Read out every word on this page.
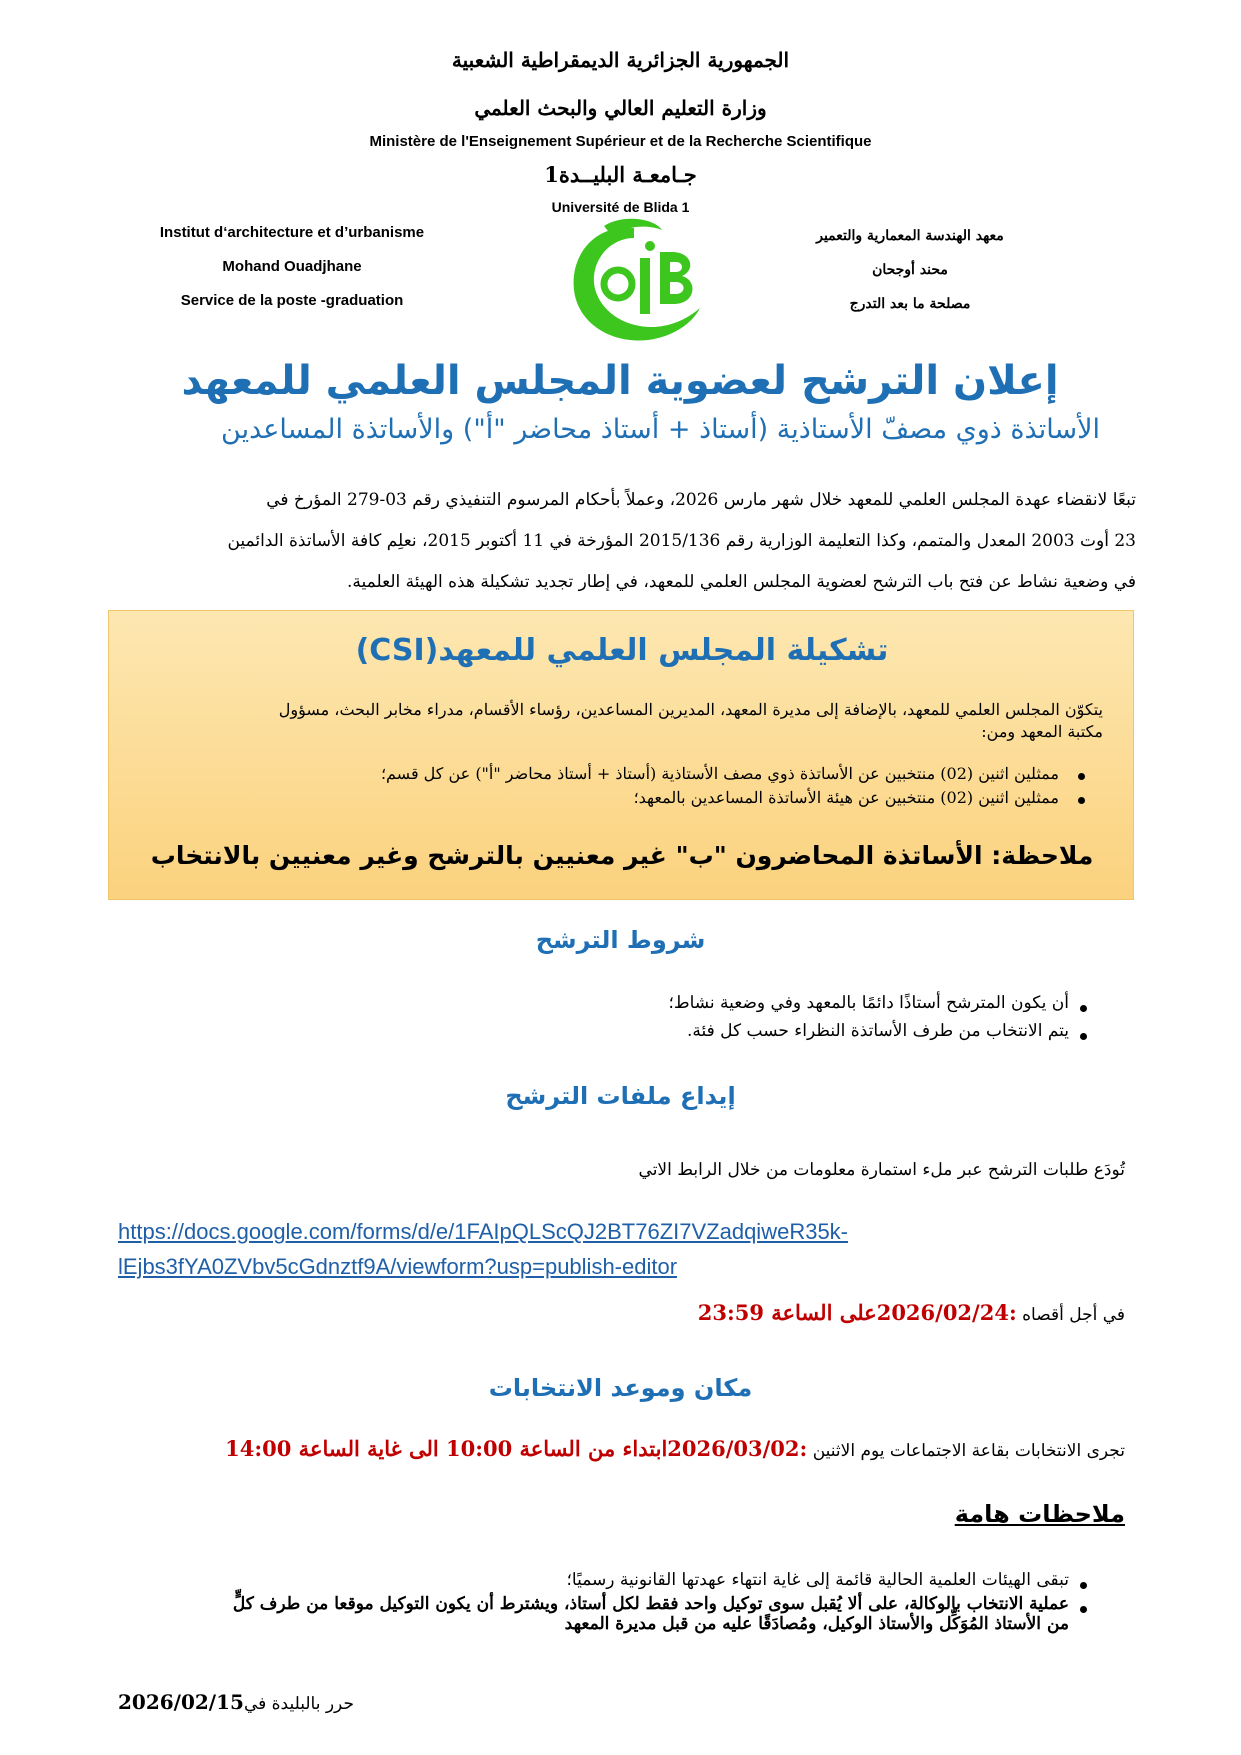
الجمهورية الجزائرية الديمقراطية الشعبية
وزارة التعليم العالي والبحث العلمي
Ministère de l'Enseignement Supérieur et de la Recherche Scientifique
جـامعـة البليــدة1
Université de Blida 1
Institut d‘architecture et d’urbanisme
Mohand Ouadjhane
Service de la poste -graduation
معهد الهندسة المعمارية والتعمير
محند أوجحان
مصلحة ما بعد التدرج
إعلان الترشح لعضوية المجلس العلمي للمعهد
الأساتذة ذوي مصفّ الأستاذية (أستاذ + أستاذ محاضر "أ") والأساتذة المساعدين
تبعًا لانقضاء عهدة المجلس العلمي للمعهد خلال شهر مارس 2026، وعملاً بأحكام المرسوم التنفيذي رقم 03-279 المؤرخ في
23 أوت 2003 المعدل والمتمم، وكذا التعليمة الوزارية رقم 2015/136 المؤرخة في 11 أكتوبر 2015، نعلِم كافة الأساتذة الدائمين
في وضعية نشاط عن فتح باب الترشح لعضوية المجلس العلمي للمعهد، في إطار تجديد تشكيلة هذه الهيئة العلمية.
تشكيلة المجلس العلمي للمعهد(CSI)
يتكوّن المجلس العلمي للمعهد، بالإضافة إلى مديرة المعهد، المديرين المساعدين، رؤساء الأقسام، مدراء مخابر البحث، مسؤول
مكتبة المعهد ومن:
ممثلين اثنين (02) منتخبين عن الأساتذة ذوي مصف الأستاذية (أستاذ + أستاذ محاضر "أ") عن كل قسم؛
ممثلين اثنين (02) منتخبين عن هيئة الأساتذة المساعدين بالمعهد؛
ملاحظة: الأساتذة المحاضرون "ب" غير معنيين بالترشح وغير معنيين بالانتخاب
شروط الترشح
أن يكون المترشح أستاذًا دائمًا بالمعهد وفي وضعية نشاط؛
يتم الانتخاب من طرف الأساتذة النظراء حسب كل فئة.
إيداع ملفات الترشح
تُودَع طلبات الترشح عبر ملء استمارة معلومات من خلال الرابط الاتي
https://docs.google.com/forms/d/e/1FAIpQLScQJ2BT76ZI7VZadqiweR35k-
lEjbs3fYA0ZVbv5cGdnztf9A/viewform?usp=publish-editor
في أجل أقصاه :2026/02/24على الساعة 23:59
مكان وموعد الانتخابات
تجرى الانتخابات بقاعة الاجتماعات يوم الاثنين :2026/03/02ابتداء من الساعة 10:00 الى غاية الساعة 14:00
ملاحظات هامة
تبقى الهيئات العلمية الحالية قائمة إلى غاية انتهاء عهدتها القانونية رسميًا؛
عملية الانتخاب بالوكالة، على ألا يُقبل سوى توكيل واحد فقط لكل أستاذ، ويشترط أن يكون التوكيل موقعا من طرف كلٍّ
من الأستاذ المُوَكِّل والأستاذ الوكيل، ومُصادَقًا عليه من قبل مديرة المعهد
حرر بالبليدة في2026/02/15
